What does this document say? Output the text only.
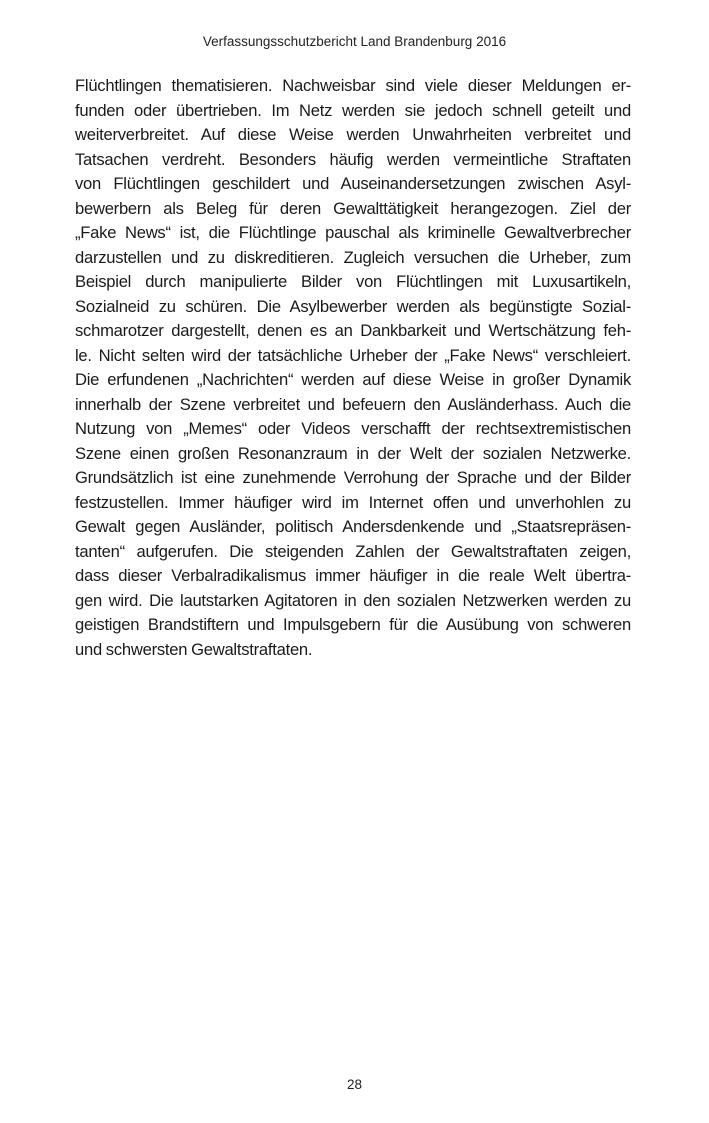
Verfassungsschutzbericht Land Brandenburg 2016
Flüchtlingen thematisieren. Nachweisbar sind viele dieser Meldungen er-
funden oder übertrieben. Im Netz werden sie jedoch schnell geteilt und
weiterverbreitet. Auf diese Weise werden Unwahrheiten verbreitet und
Tatsachen verdreht. Besonders häufig werden vermeintliche Straftaten
von Flüchtlingen geschildert und Auseinandersetzungen zwischen Asyl-
bewerbern als Beleg für deren Gewalttätigkeit herangezogen. Ziel der
„Fake News“ ist, die Flüchtlinge pauschal als kriminelle Gewaltverbrecher
darzustellen und zu diskreditieren. Zugleich versuchen die Urheber, zum
Beispiel durch manipulierte Bilder von Flüchtlingen mit Luxusartikeln,
Sozialneid zu schüren. Die Asylbewerber werden als begünstigte Sozial-
schmarotzer dargestellt, denen es an Dankbarkeit und Wertschätzung feh-
le. Nicht selten wird der tatsächliche Urheber der „Fake News“ verschleiert.
Die erfundenen „Nachrichten“ werden auf diese Weise in großer Dynamik
innerhalb der Szene verbreitet und befeuern den Ausländerhass. Auch die
Nutzung von „Memes“ oder Videos verschafft der rechtsextremistischen
Szene einen großen Resonanzraum in der Welt der sozialen Netzwerke.
Grundsätzlich ist eine zunehmende Verrohung der Sprache und der Bilder
festzustellen. Immer häufiger wird im Internet offen und unverhohlen zu
Gewalt gegen Ausländer, politisch Andersdenkende und „Staatsrepräsen-
tanten“ aufgerufen. Die steigenden Zahlen der Gewaltstraftaten zeigen,
dass dieser Verbalradikalismus immer häufiger in die reale Welt übertra-
gen wird. Die lautstarken Agitatoren in den sozialen Netzwerken werden zu
geistigen Brandstiftern und Impulsgebern für die Ausübung von schweren
und schwersten Gewaltstraftaten.
28
